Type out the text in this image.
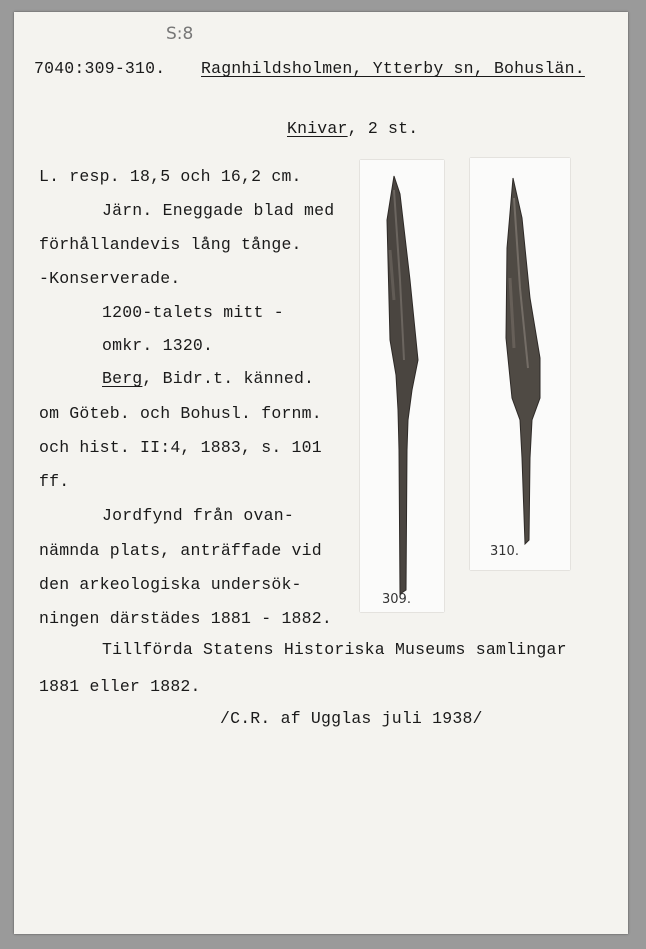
S:8
7040:309-310. Ragnhildsholmen, Ytterby sn, Bohuslän.
Knivar, 2 st.
L. resp. 18,5 och 16,2 cm.
Järn. Eneggade blad med
förhållandevis lång tånge.
-Konserverade.
1200-talets mitt -
omkr. 1320.
Berg, Bidr.t. känned.
om Göteb. och Bohusl. fornm.
och hist. II:4, 1883, s. 101
ff.
Jordfynd från ovan-
nämnda plats, anträffade vid
den arkeologiska undersök-
ningen därstädes 1881 - 1882.
Tillförda Statens Historiska Museums samlingar
1881 eller 1882.
/C.R. af Ugglas juli 1938/
309.
310.
